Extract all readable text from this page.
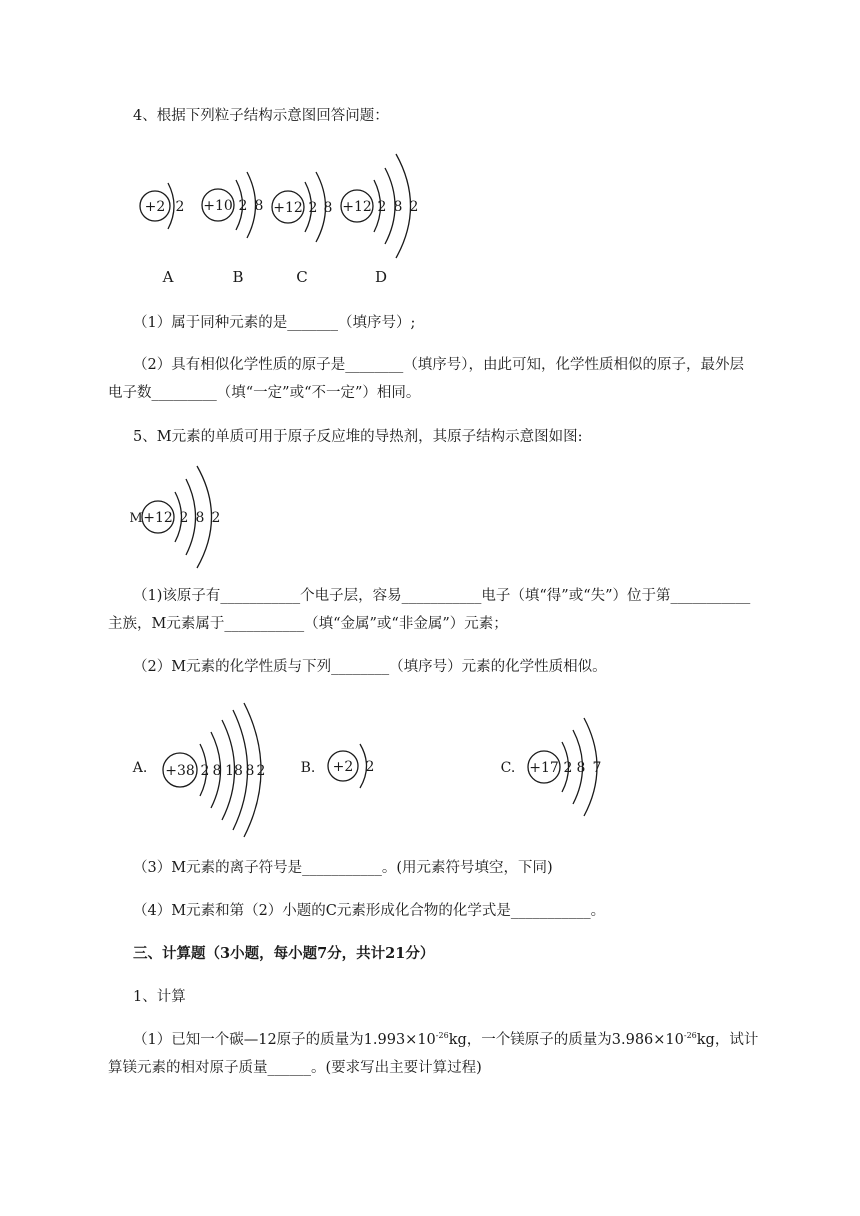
4、根据下列粒子结构示意图回答问题：
+2 2 +10 2 8 +12 2 8 +12 2 8 2
A	B	C	D
（1）属于同种元素的是_______（填序号）;
（2）具有相似化学性质的原子是________（填序号），由此可知，化学性质相似的原子，最外层
电子数_________（填“一定”或“不一定”）相同。
5、M元素的单质可用于原子反应堆的导热剂，其原子结构示意图如图:
M +12 2 8 2
（1)该原子有___________个电子层，容易___________电子（填“得”或“失”）位于第___________
主族，M元素属于___________（填“金属”或“非金属”）元素；
（2）M元素的化学性质与下列________（填序号）元素的化学性质相似。
A. +38 2 8 18 8 2	B. +2 2	C. +17 2 8 7
（3）M元素的离子符号是___________。(用元素符号填空，下同)
（4）M元素和第（2）小题的C元素形成化合物的化学式是___________。
三、计算题（3小题，每小题7分，共计21分）
1、计算
（1）已知一个碳—12原子的质量为$1.993\times 10^{-26}kg$，一个镁原子的质量为$3.986\times 10^{-26}kg$，试计
算镁元素的相对原子质量______。(要求写出主要计算过程)
